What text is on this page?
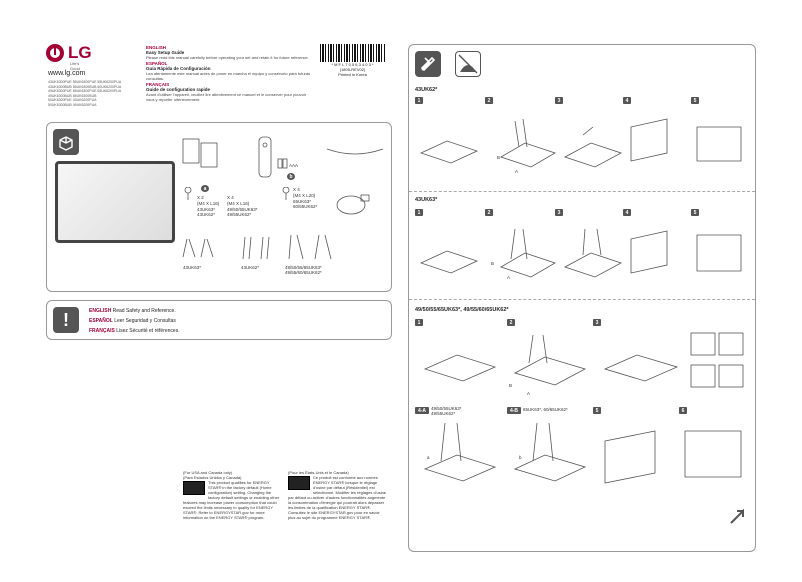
LG
Life's Good
www.lg.com
43UK6300PUE 55UK6300PUE 55UK6200PUA
43UK6300BUB 55UK6300BUB 60UK6200PUA
49UK6300PUE 65UK6300PUE 65UK6200PUA
49UK6300BUB 65UK6300BUB
50UK6300PUE 43UK6200PUA
50UK6300BUB 49UK6200PUA
ENGLISH
Easy Setup Guide
Please read this manual carefully before operating your set and retain it for future reference.
ESPAÑOL
Guía Rápida de Configuración
Lea atentamente este manual antes de poner en marcha el equipo y consérvelo para futuras consultas.
FRANÇAIS
Guide de configuration rapide
Avant d'utiliser l'appareil, veuillez lire attentivement ce manuel et le conserver pour pouvoir vous y reporter ultérieurement.
* M F L 7 0 5 6 3 4 0 3 *
(1805-REV02)
Printed in Korea
AAA
a
X 2
(M4 X L16)
43UK63*
43UK62*
X 4
(M4 X L16)
49/50/55UK63*
49/55UK62*
b
X 4
(M4 X L20)
65UK63*
60/65UK62*
43UK63*	43UK62*	49/50/55/65UK63*
49/55/60/65UK62*
!	ENGLISH Read Safety and Reference.
ESPAÑOL Leer Seguridad y Consultas
FRANÇAIS Lisez Sécurité et références.
(For USA and Canada only)
(Para Estados Unidos y Canadá)
This product qualifies for ENERGY STAR® in the factory default (Home configuration) setting. Changing the factory default settings or enabling other features may increase power consumption that could exceed the limits necessary to quality for ENERGY STAR®. Refer to ENERGYSTAR.gov for more information on the ENERGY STAR® program.
(Pour les États-Unis et le Canada)
Ce produit est conforme aux normes ENERGY STAR® lorsque le réglage d'usine par défaut (Résidentiel) est sélectionné. Modifier les réglages d'usine par défaut ou activer d'autres fonctionnalités augmente la consommation d'énergie qui pourrait alors dépasser les limites de la qualification ENERGY STAR®. Consultez le site ENERGYSTAR.gov pour en savoir plus au sujet du programme ENERGY STAR®.
43UK62*
1	2	3	4	5
B
A
43UK63*
1	2	3	4	5
B
A
49/50/55/65UK63*, 49/55/60/65UK62*
1	2	3
B
A
4-A	49/50/55UK63*
49/55UK62*	4-B	65UK63*, 60/65UK62*	5	6
a	b
